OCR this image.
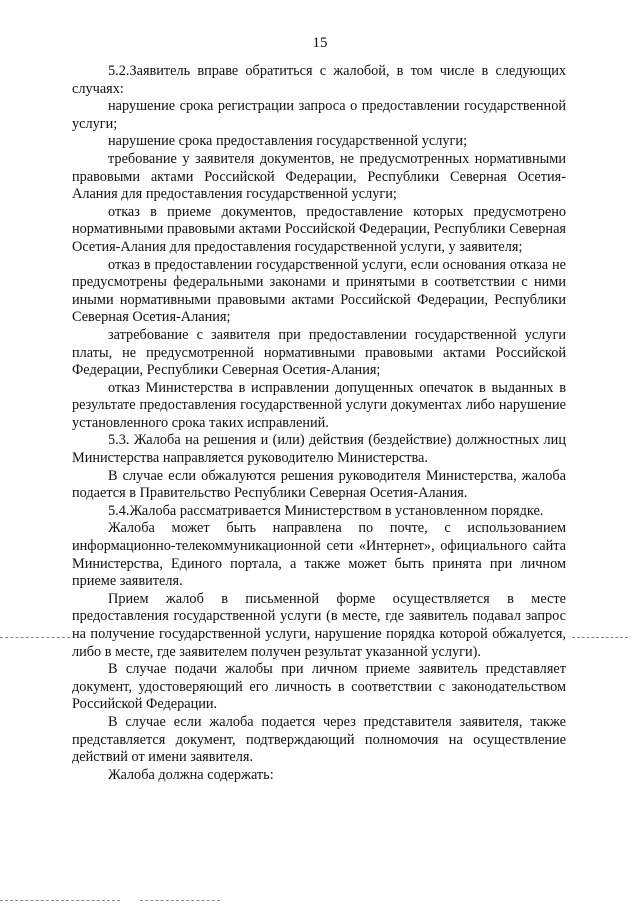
15

5.2.Заявитель вправе обратиться с жалобой, в том числе в следующих случаях:

нарушение срока регистрации запроса о предоставлении государственной услуги;

нарушение срока предоставления государственной услуги;

требование у заявителя документов, не предусмотренных нормативными правовыми актами Российской Федерации, Республики Северная Осетия-Алания для предоставления государственной услуги;

отказ в приеме документов, предоставление которых предусмотрено нормативными правовыми актами Российской Федерации, Республики Северная Осетия-Алания для предоставления государственной услуги, у заявителя;

отказ в предоставлении государственной услуги, если основания отказа не предусмотрены федеральными законами и принятыми в соответствии с ними иными нормативными правовыми актами Российской Федерации, Республики Северная Осетия-Алания;

затребование с заявителя при предоставлении государственной услуги платы, не предусмотренной нормативными правовыми актами Российской Федерации, Республики Северная Осетия-Алания;

отказ Министерства в исправлении допущенных опечаток в выданных в результате предоставления государственной услуги документах либо нарушение установленного срока таких исправлений.

5.3. Жалоба на решения и (или) действия (бездействие) должностных лиц Министерства направляется руководителю Министерства.

В случае если обжалуются решения руководителя Министерства, жалоба подается в Правительство Республики Северная Осетия-Алания.

5.4.Жалоба рассматривается Министерством в установленном порядке.

Жалоба может быть направлена по почте, с использованием информационно-телекоммуникационной сети «Интернет», официального сайта Министерства, Единого портала, а также может быть принята при личном приеме заявителя.

Прием жалоб в письменной форме осуществляется в месте предоставления государственной услуги (в месте, где заявитель подавал запрос на получение государственной услуги, нарушение порядка которой обжалуется, либо в месте, где заявителем получен результат указанной услуги).

В случае подачи жалобы при личном приеме заявитель представляет документ, удостоверяющий его личность в соответствии с законодательством Российской Федерации.

В случае если жалоба подается через представителя заявителя, также представляется документ, подтверждающий полномочия на осуществление действий от имени заявителя.

Жалоба должна содержать:
